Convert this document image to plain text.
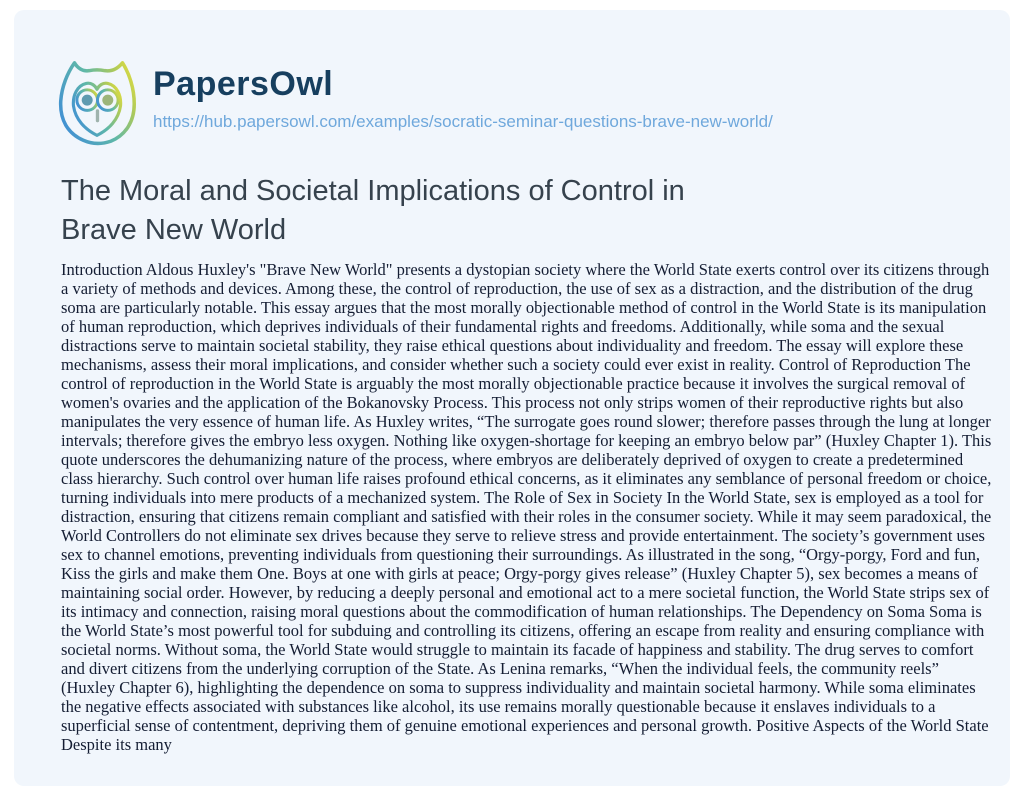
PapersOwl
https://hub.papersowl.com/examples/socratic-seminar-questions-brave-new-world/
The Moral and Societal Implications of Control in Brave New World

Introduction Aldous Huxley's "Brave New World" presents a dystopian society where the World State exerts control over its citizens through a variety of methods and devices. Among these, the control of reproduction, the use of sex as a distraction, and the distribution of the drug soma are particularly notable. This essay argues that the most morally objectionable method of control in the World State is its manipulation of human reproduction, which deprives individuals of their fundamental rights and freedoms. Additionally, while soma and the sexual distractions serve to maintain societal stability, they raise ethical questions about individuality and freedom. The essay will explore these mechanisms, assess their moral implications, and consider whether such a society could ever exist in reality. Control of Reproduction The control of reproduction in the World State is arguably the most morally objectionable practice because it involves the surgical removal of women's ovaries and the application of the Bokanovsky Process. This process not only strips women of their reproductive rights but also manipulates the very essence of human life. As Huxley writes, “The surrogate goes round slower; therefore passes through the lung at longer intervals; therefore gives the embryo less oxygen. Nothing like oxygen-shortage for keeping an embryo below par” (Huxley Chapter 1). This quote underscores the dehumanizing nature of the process, where embryos are deliberately deprived of oxygen to create a predetermined class hierarchy. Such control over human life raises profound ethical concerns, as it eliminates any semblance of personal freedom or choice, turning individuals into mere products of a mechanized system. The Role of Sex in Society In the World State, sex is employed as a tool for distraction, ensuring that citizens remain compliant and satisfied with their roles in the consumer society. While it may seem paradoxical, the World Controllers do not eliminate sex drives because they serve to relieve stress and provide entertainment. The society’s government uses sex to channel emotions, preventing individuals from questioning their surroundings. As illustrated in the song, “Orgy-porgy, Ford and fun, Kiss the girls and make them One. Boys at one with girls at peace; Orgy-porgy gives release” (Huxley Chapter 5), sex becomes a means of maintaining social order. However, by reducing a deeply personal and emotional act to a mere societal function, the World State strips sex of its intimacy and connection, raising moral questions about the commodification of human relationships. The Dependency on Soma Soma is the World State’s most powerful tool for subduing and controlling its citizens, offering an escape from reality and ensuring compliance with societal norms. Without soma, the World State would struggle to maintain its facade of happiness and stability. The drug serves to comfort and divert citizens from the underlying corruption of the State. As Lenina remarks, “When the individual feels, the community reels” (Huxley Chapter 6), highlighting the dependence on soma to suppress individuality and maintain societal harmony. While soma eliminates the negative effects associated with substances like alcohol, its use remains morally questionable because it enslaves individuals to a superficial sense of contentment, depriving them of genuine emotional experiences and personal growth. Positive Aspects of the World State Despite its many
